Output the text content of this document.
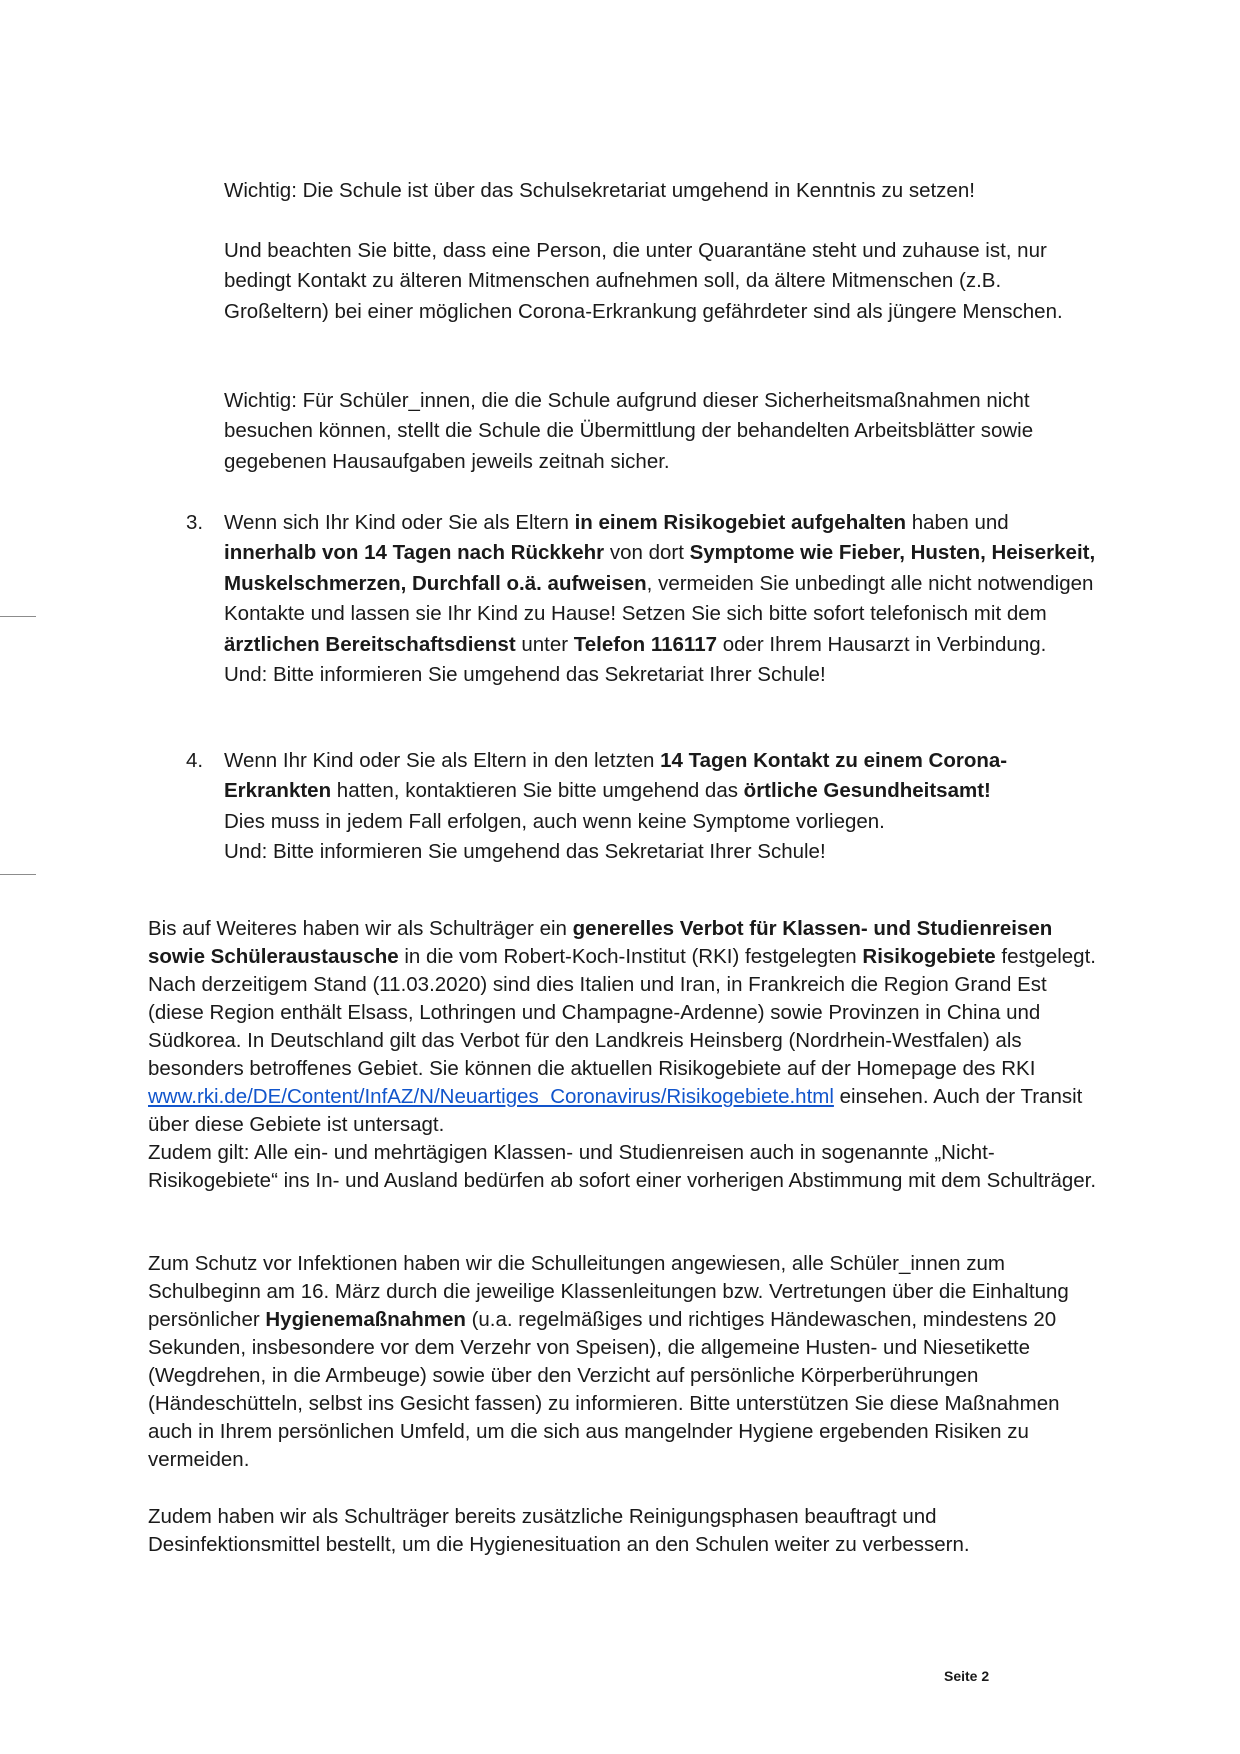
Wichtig: Die Schule ist über das Schulsekretariat umgehend in Kenntnis zu setzen!

Und beachten Sie bitte, dass eine Person, die unter Quarantäne steht und zuhause ist, nur bedingt Kontakt zu älteren Mitmenschen aufnehmen soll, da ältere Mitmenschen (z.B. Großeltern) bei einer möglichen Corona-Erkrankung gefährdeter sind als jüngere Menschen.

Wichtig: Für Schüler_innen, die die Schule aufgrund dieser Sicherheitsmaßnahmen nicht besuchen können, stellt die Schule die Übermittlung der behandelten Arbeitsblätter sowie gegebenen Hausaufgaben jeweils zeitnah sicher.

3. Wenn sich Ihr Kind oder Sie als Eltern in einem Risikogebiet aufgehalten haben und innerhalb von 14 Tagen nach Rückkehr von dort Symptome wie Fieber, Husten, Heiserkeit, Muskelschmerzen, Durchfall o.ä. aufweisen, vermeiden Sie unbedingt alle nicht notwendigen Kontakte und lassen sie Ihr Kind zu Hause! Setzen Sie sich bitte sofort telefonisch mit dem ärztlichen Bereitschaftsdienst unter Telefon 116117 oder Ihrem Hausarzt in Verbindung.

Und: Bitte informieren Sie umgehend das Sekretariat Ihrer Schule!

4. Wenn Ihr Kind oder Sie als Eltern in den letzten 14 Tagen Kontakt zu einem Corona-Erkrankten hatten, kontaktieren Sie bitte umgehend das örtliche Gesundheitsamt!

Dies muss in jedem Fall erfolgen, auch wenn keine Symptome vorliegen.

Und: Bitte informieren Sie umgehend das Sekretariat Ihrer Schule!

Bis auf Weiteres haben wir als Schulträger ein generelles Verbot für Klassen- und Studienreisen sowie Schüleraustausche in die vom Robert-Koch-Institut (RKI) festgelegten Risikogebiete festgelegt. Nach derzeitigem Stand (11.03.2020) sind dies Italien und Iran, in Frankreich die Region Grand Est (diese Region enthält Elsass, Lothringen und Champagne-Ardenne) sowie Provinzen in China und Südkorea. In Deutschland gilt das Verbot für den Landkreis Heinsberg (Nordrhein-Westfalen) als besonders betroffenes Gebiet. Sie können die aktuellen Risikogebiete auf der Homepage des RKI www.rki.de/DE/Content/InfAZ/N/Neuartiges_Coronavirus/Risikogebiete.html einsehen. Auch der Transit über diese Gebiete ist untersagt.

Zudem gilt: Alle ein- und mehrtägigen Klassen- und Studienreisen auch in sogenannte „Nicht-Risikogebiete“ ins In- und Ausland bedürfen ab sofort einer vorherigen Abstimmung mit dem Schulträger.

Zum Schutz vor Infektionen haben wir die Schulleitungen angewiesen, alle Schüler_innen zum Schulbeginn am 16. März durch die jeweilige Klassenleitungen bzw. Vertretungen über die Einhaltung persönlicher Hygienemaßnahmen (u.a. regelmäßiges und richtiges Händewaschen, mindestens 20 Sekunden, insbesondere vor dem Verzehr von Speisen), die allgemeine Husten- und Niesetikette (Wegdrehen, in die Armbeuge) sowie über den Verzicht auf persönliche Körperberührungen (Händeschütteln, selbst ins Gesicht fassen) zu informieren. Bitte unterstützen Sie diese Maßnahmen auch in Ihrem persönlichen Umfeld, um die sich aus mangelnder Hygiene ergebenden Risiken zu vermeiden.

Zudem haben wir als Schulträger bereits zusätzliche Reinigungsphasen beauftragt und Desinfektionsmittel bestellt, um die Hygienesituation an den Schulen weiter zu verbessern.

Seite 2
